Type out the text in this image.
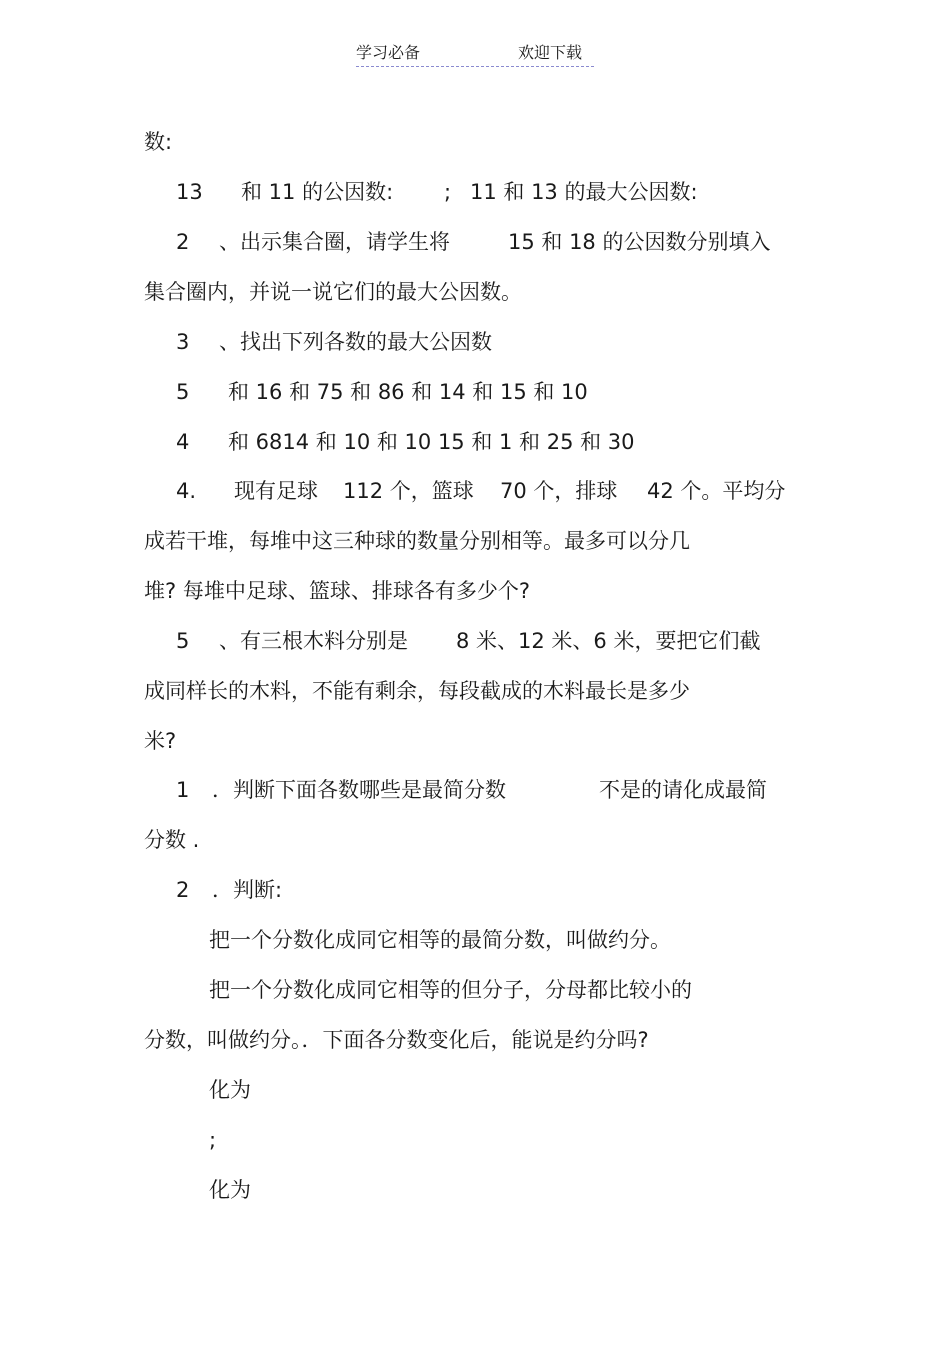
学习必备	欢迎下载
数:
13 和 11 的公因数: ; 11 和 13 的最大公因数:
2 、出示集合圈，请学生将	15 和 18 的公因数分别填入
集合圈内，并说一说它们的最大公因数。
3 、找出下列各数的最大公因数
5 和 16 和 75 和 86 和 14 和 15 和 10
4 和 6814 和 10 和 10 15 和 1 和 25 和 30
4. 现有足球 112 个，篮球 70 个，排球 42 个。平均分
成若干堆，每堆中这三种球的数量分别相等。最多可以分几
堆? 每堆中足球、篮球、排球各有多少个?
5 、有三根木料分别是 8 米、12 米、6 米，要把它们截
成同样长的木料，不能有剩余，每段截成的木料最长是多少
米?
1 ．判断下面各数哪些是最简分数	不是的请化成最简
分数 .
2 ．判断:
把一个分数化成同它相等的最简分数，叫做约分。
把一个分数化成同它相等的但分子，分母都比较小的
分数，叫做约分。．下面各分数变化后，能说是约分吗?
化为
;
化为
